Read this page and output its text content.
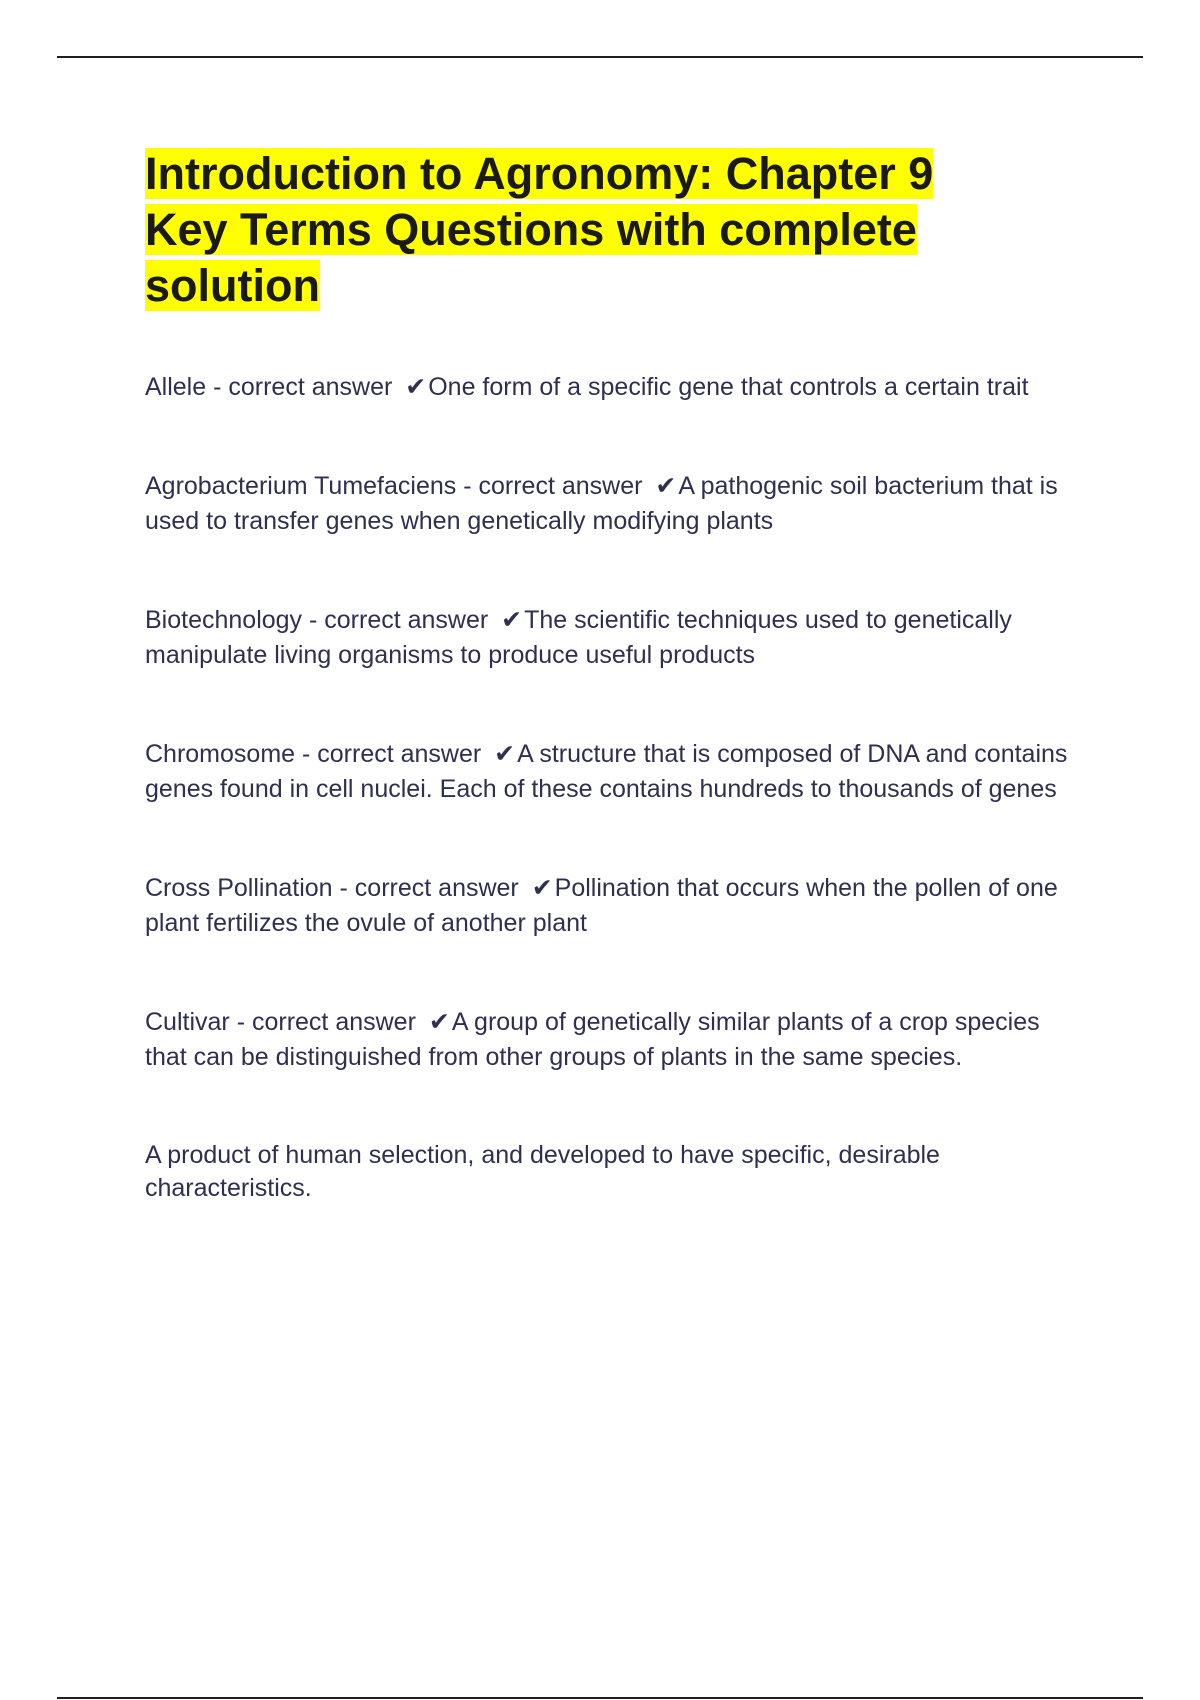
Introduction to Agronomy: Chapter 9 Key Terms Questions with complete solution

Allele - correct answer ✔One form of a specific gene that controls a certain trait

Agrobacterium Tumefaciens - correct answer ✔A pathogenic soil bacterium that is used to transfer genes when genetically modifying plants

Biotechnology - correct answer ✔The scientific techniques used to genetically manipulate living organisms to produce useful products

Chromosome - correct answer ✔A structure that is composed of DNA and contains genes found in cell nuclei. Each of these contains hundreds to thousands of genes

Cross Pollination - correct answer ✔Pollination that occurs when the pollen of one plant fertilizes the ovule of another plant

Cultivar - correct answer ✔A group of genetically similar plants of a crop species that can be distinguished from other groups of plants in the same species.

A product of human selection, and developed to have specific, desirable characteristics.
